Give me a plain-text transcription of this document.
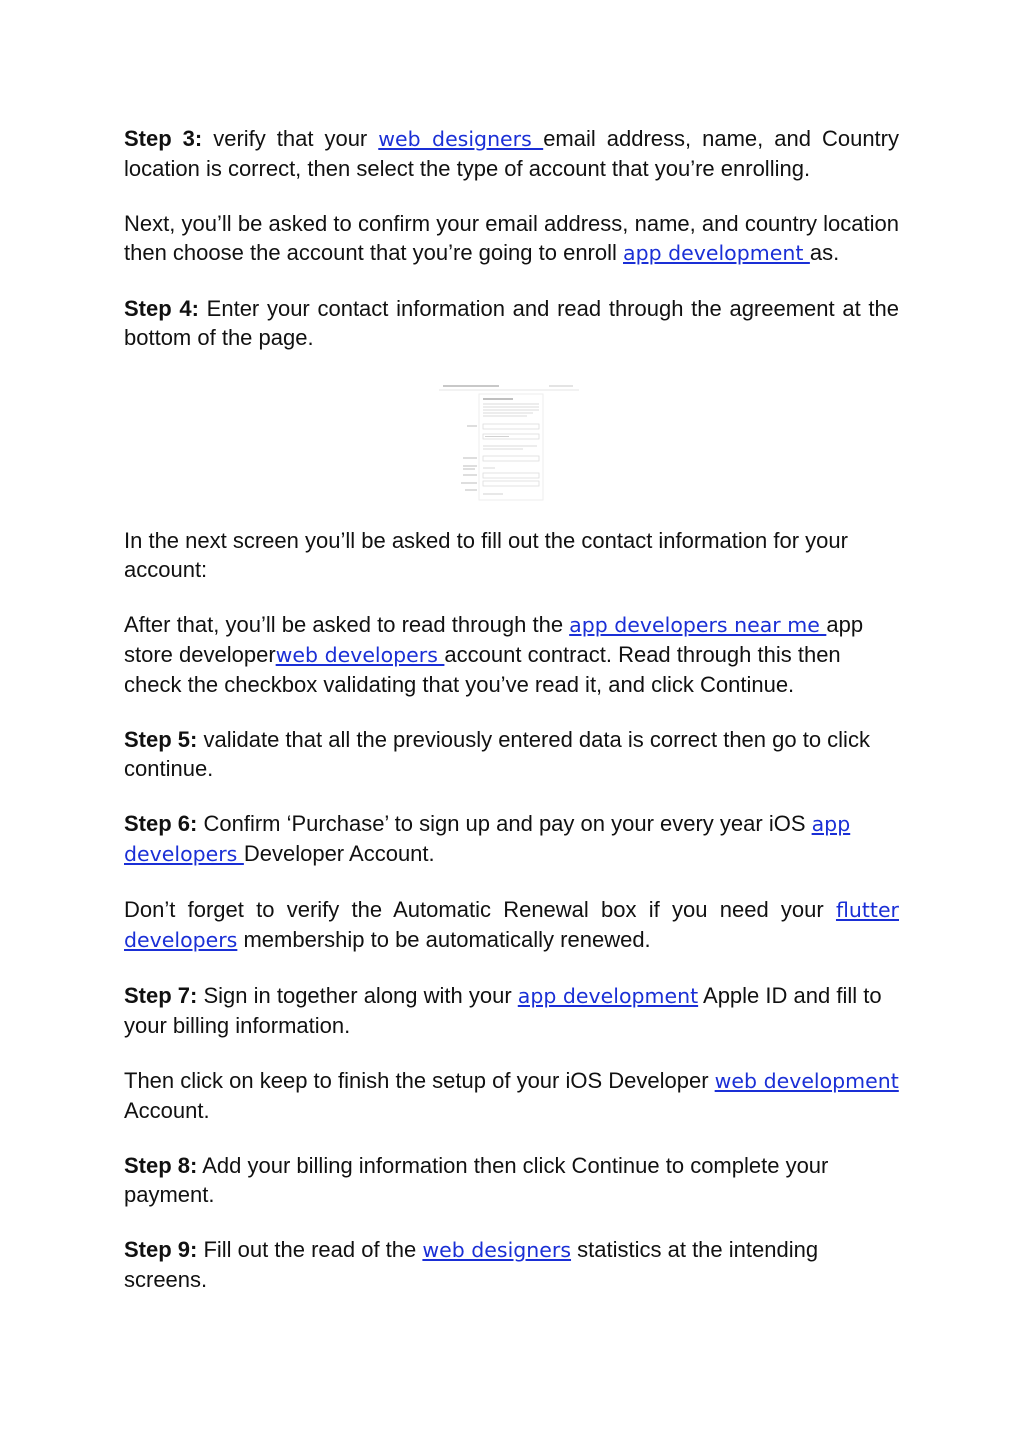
Step 3: verify that your web designers email address, name, and Country location is correct, then select the type of account that you’re enrolling.

Next, you’ll be asked to confirm your email address, name, and country location then choose the account that you’re going to enroll app development as.

Step 4: Enter your contact information and read through the agreement at the bottom of the page.

In the next screen you’ll be asked to fill out the contact information for your account:

After that, you’ll be asked to read through the app developers near me app store developerweb developers account contract. Read through this then check the checkbox validating that you’ve read it, and click Continue.

Step 5: validate that all the previously entered data is correct then go to click continue.

Step 6: Confirm ‘Purchase’ to sign up and pay on your every year iOS app developers Developer Account.

Don’t forget to verify the Automatic Renewal box if you need your flutter developers membership to be automatically renewed.

Step 7: Sign in together along with your app development Apple ID and fill to your billing information.

Then click on keep to finish the setup of your iOS Developer web development Account.

Step 8: Add your billing information then click Continue to complete your payment.

Step 9: Fill out the read of the web designers statistics at the intending screens.
